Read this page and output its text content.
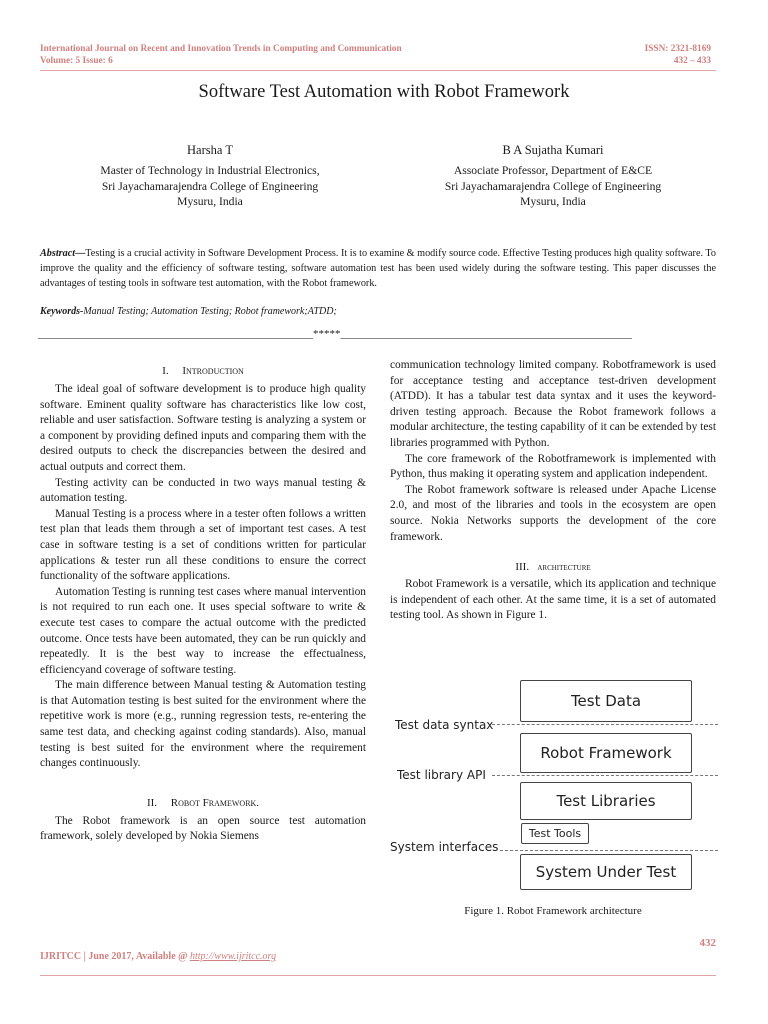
International Journal on Recent and Innovation Trends in Computing and Communication
Volume: 5 Issue: 6
ISSN: 2321-8169
432 – 433
Software Test Automation with Robot Framework
Harsha T
Master of Technology in Industrial Electronics,
Sri Jayachamarajendra College of Engineering
Mysuru, India
B A Sujatha Kumari
Associate Professor, Department of E&CE
Sri Jayachamarajendra College of Engineering
Mysuru, India
Abstract—Testing is a crucial activity in Software Development Process. It is to examine & modify source code. Effective Testing produces high quality software. To improve the quality and the efficiency of software testing, software automation test has been used widely during the software testing. This paper discusses the advantages of testing tools in software test automation, with the Robot framework.
Keywords-Manual Testing; Automation Testing; Robot framework;ATDD;
__________________________________________________*****_____________________________________________________
I. Introduction

The ideal goal of software development is to produce high quality software. Eminent quality software has characteristics like low cost, reliable and user satisfaction. Software testing is analyzing a system or a component by providing defined inputs and comparing them with the desired outputs to check the discrepancies between the desired and actual outputs and correct them.

Testing activity can be conducted in two ways manual testing & automation testing.

Manual Testing is a process where in a tester often follows a written test plan that leads them through a set of important test cases. A test case in software testing is a set of conditions written for particular applications & tester run all these conditions to ensure the correct functionality of the software applications.

Automation Testing is running test cases where manual intervention is not required to run each one. It uses special software to write & execute test cases to compare the actual outcome with the predicted outcome. Once tests have been automated, they can be run quickly and repeatedly. It is the best way to increase the effectualness, efficiencyand coverage of software testing.

The main difference between Manual testing & Automation testing is that Automation testing is best suited for the environment where the repetitive work is more (e.g., running regression tests, re-entering the same test data, and checking against coding standards). Also, manual testing is best suited for the environment where the requirement changes continuously.

II. Robot Framework.

The Robot framework is an open source test automation framework, solely developed by Nokia Siemens

communication technology limited company. Robotframework is used for acceptance testing and acceptance test-driven development (ATDD). It has a tabular test data syntax and it uses the keyword-driven testing approach. Because the Robot framework follows a modular architecture, the testing capability of it can be extended by test libraries programmed with Python.

The core framework of the Robotframework is implemented with Python, thus making it operating system and application independent.

The Robot framework software is released under Apache License 2.0, and most of the libraries and tools in the ecosystem are open source. Nokia Networks supports the development of the core framework.

III. architecture

Robot Framework is a versatile, which its application and technique is independent of each other. At the same time, it is a set of automated testing tool. As shown in Figure 1.

Test Data
Robot Framework
Test Libraries
Test Tools
System Under Test
Test data syntax
Test library API
System interfaces
Figure 1. Robot Framework architecture
432
IJRITCC | June 2017, Available @ http://www.ijritcc.org
